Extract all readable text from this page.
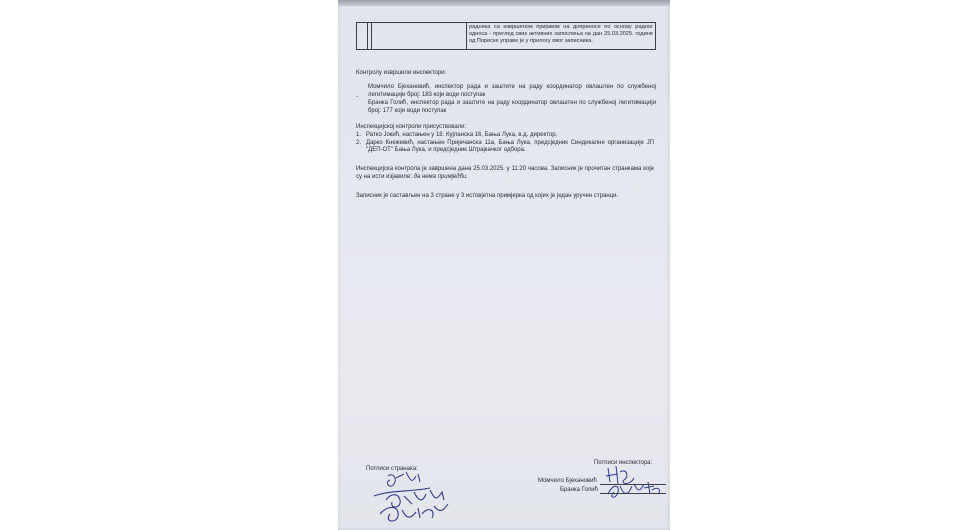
радника са извршеном пријавом на доприносе по основу радног односа - преглед свих активних запослења на дан 25.03.2025. године од Пореске управе је у прилогу овог записника.
Контролу извршили инспектори:
-
Момчило Бјехановић, инспектор рада и заштите на раду координатор овлаштен по службеној легитимацији број: 183 који води поступак
Бранка Голић, инспектор рада и заштите на раду координатор овлаштен по службеној легитимацији број: 177 који води поступак
Инспекцијској контроли присуствовали:
1. Ратко Јокић, настањен у 18. Кујланска 16, Бања Лука, в.д. директор,
2. Дарко Кнежевић, настањен Пријечанска 11а, Бања Лука, предсједник Синдикалне организације ЈП "ДЕП-ОТ" Бања Лука, и предсједник Штрајкачког одбора.
Инспекцијска контрола је завршена дана 25.03.2025. у 11:20 часова. Записник је прочитан странкама које су на исти изјавиле: да нема примједби.
Записник је састављен на 3 стране у 3 истовјетна примјерка од којих је један уручен странци.
Потписи странака:
Потписи инспектора:
Момчило Бјехановић
Бранка Голић
